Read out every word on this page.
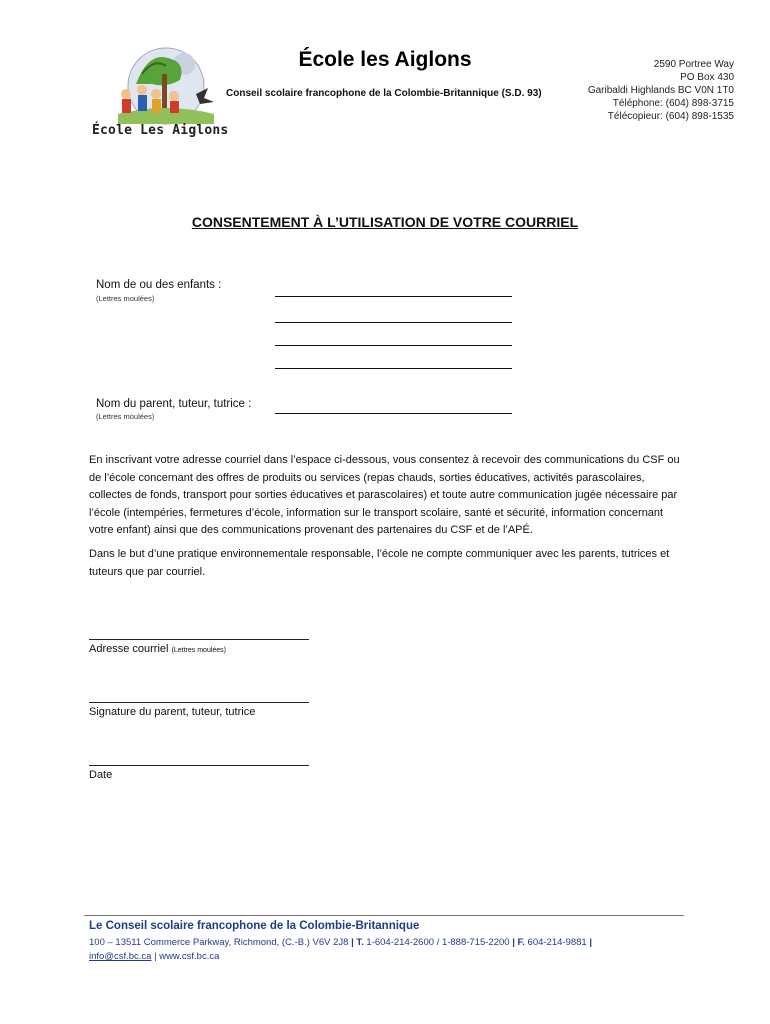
École Les Aiglons
École les Aiglons
Conseil scolaire francophone de la Colombie-Britannique (S.D. 93)
2590 Portree Way
PO Box 430
Garibaldi Highlands BC V0N 1T0
Téléphone: (604) 898-3715
Télécopieur: (604) 898-1535
CONSENTEMENT À L’UTILISATION DE VOTRE COURRIEL
Nom de ou des enfants :
(Lettres moulées)
Nom du parent, tuteur, tutrice :
(Lettres moulées)
En inscrivant votre adresse courriel dans l’espace ci-dessous, vous consentez à recevoir des communications du CSF ou de l’école concernant des offres de produits ou services (repas chauds, sorties éducatives, activités parascolaires, collectes de fonds, transport pour sorties éducatives et parascolaires) et toute autre communication jugée nécessaire par l’école (intempéries, fermetures d’école, information sur le transport scolaire, santé et sécurité, information concernant votre enfant) ainsi que des communications provenant des partenaires du CSF et de l’APÉ.
Dans le but d’une pratique environnementale responsable, l’école ne compte communiquer avec les parents, tutrices et tuteurs que par courriel.
Adresse courriel (Lettres moulées)
Signature du parent, tuteur, tutrice
Date
Le Conseil scolaire francophone de la Colombie-Britannique
100 – 13511 Commerce Parkway, Richmond, (C.-B.) V6V 2J8 | T. 1-604-214-2600 / 1-888-715-2200 | F. 604-214-9881 |
info@csf.bc.ca | www.csf.bc.ca
